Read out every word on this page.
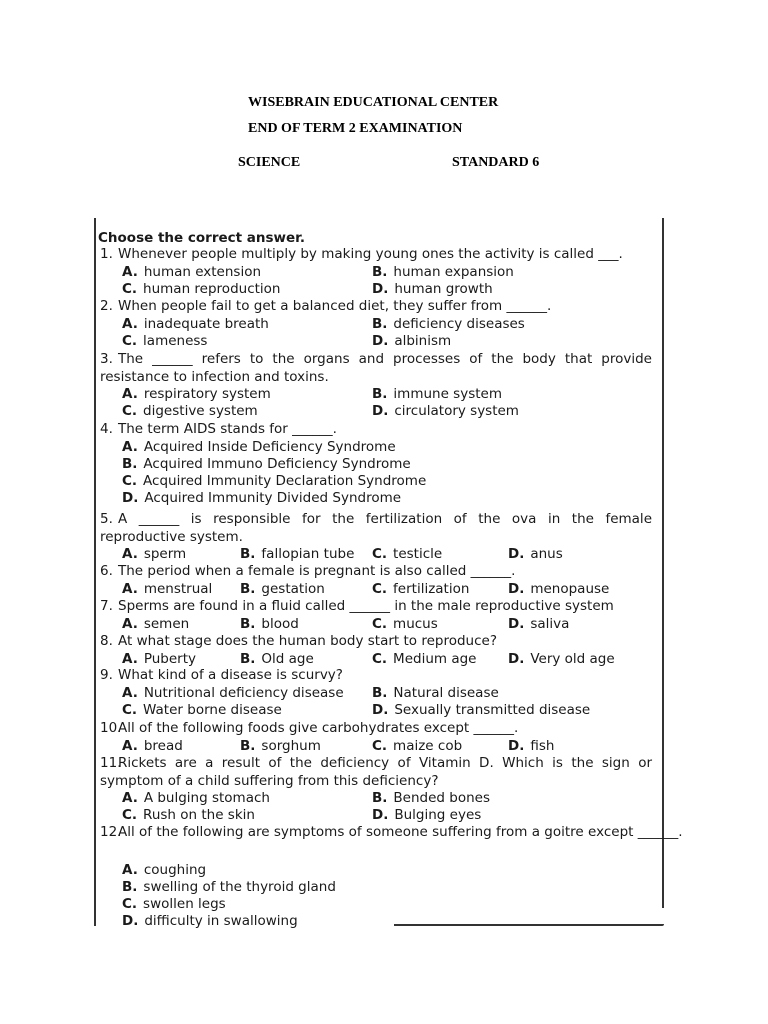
WISEBRAIN EDUCATIONAL CENTER
END OF TERM 2 EXAMINATION
SCIENCE	STANDARD 6
Choose the correct answer.
1. Whenever people multiply by making young ones the activity is called ___.
A. human extension	B. human expansion
C. human reproduction	D. human growth
2. When people fail to get a balanced diet, they suffer from ______.
A. inadequate breath	B. deficiency diseases
C. lameness	D. albinism
3. The ______ refers to the organs and processes of the body that provide resistance to infection and toxins.
A. respiratory system	B. immune system
C. digestive system	D. circulatory system
4. The term AIDS stands for ______.
A. Acquired Inside Deficiency Syndrome
B. Acquired Immuno Deficiency Syndrome
C. Acquired Immunity Declaration Syndrome
D. Acquired Immunity Divided Syndrome
5. A ______ is responsible for the fertilization of the ova in the female reproductive system.
A. sperm	B. fallopian tube C. testicle	D. anus
6. The period when a female is pregnant is also called ______.
A. menstrual B. gestation	C. fertilization	D. menopause
7. Sperms are found in a fluid called ______ in the male reproductive system
A. semen	B. blood	C. mucus	D. saliva
8. At what stage does the human body start to reproduce?
A. Puberty	B. Old age	C. Medium age D. Very old age
9. What kind of a disease is scurvy?
A. Nutritional deficiency disease B. Natural disease
C. Water borne disease	D. Sexually transmitted disease
10.All of the following foods give carbohydrates except ______.
A. bread	B. sorghum	C. maize cob	D. fish
11.Rickets are a result of the deficiency of Vitamin D. Which is the sign or symptom of a child suffering from this deficiency?
A. A bulging stomach	B. Bended bones
C. Rush on the skin	D. Bulging eyes
12.All of the following are symptoms of someone suffering from a goitre except ______.
A. coughing
B. swelling of the thyroid gland
C. swollen legs
D. difficulty in swallowing
